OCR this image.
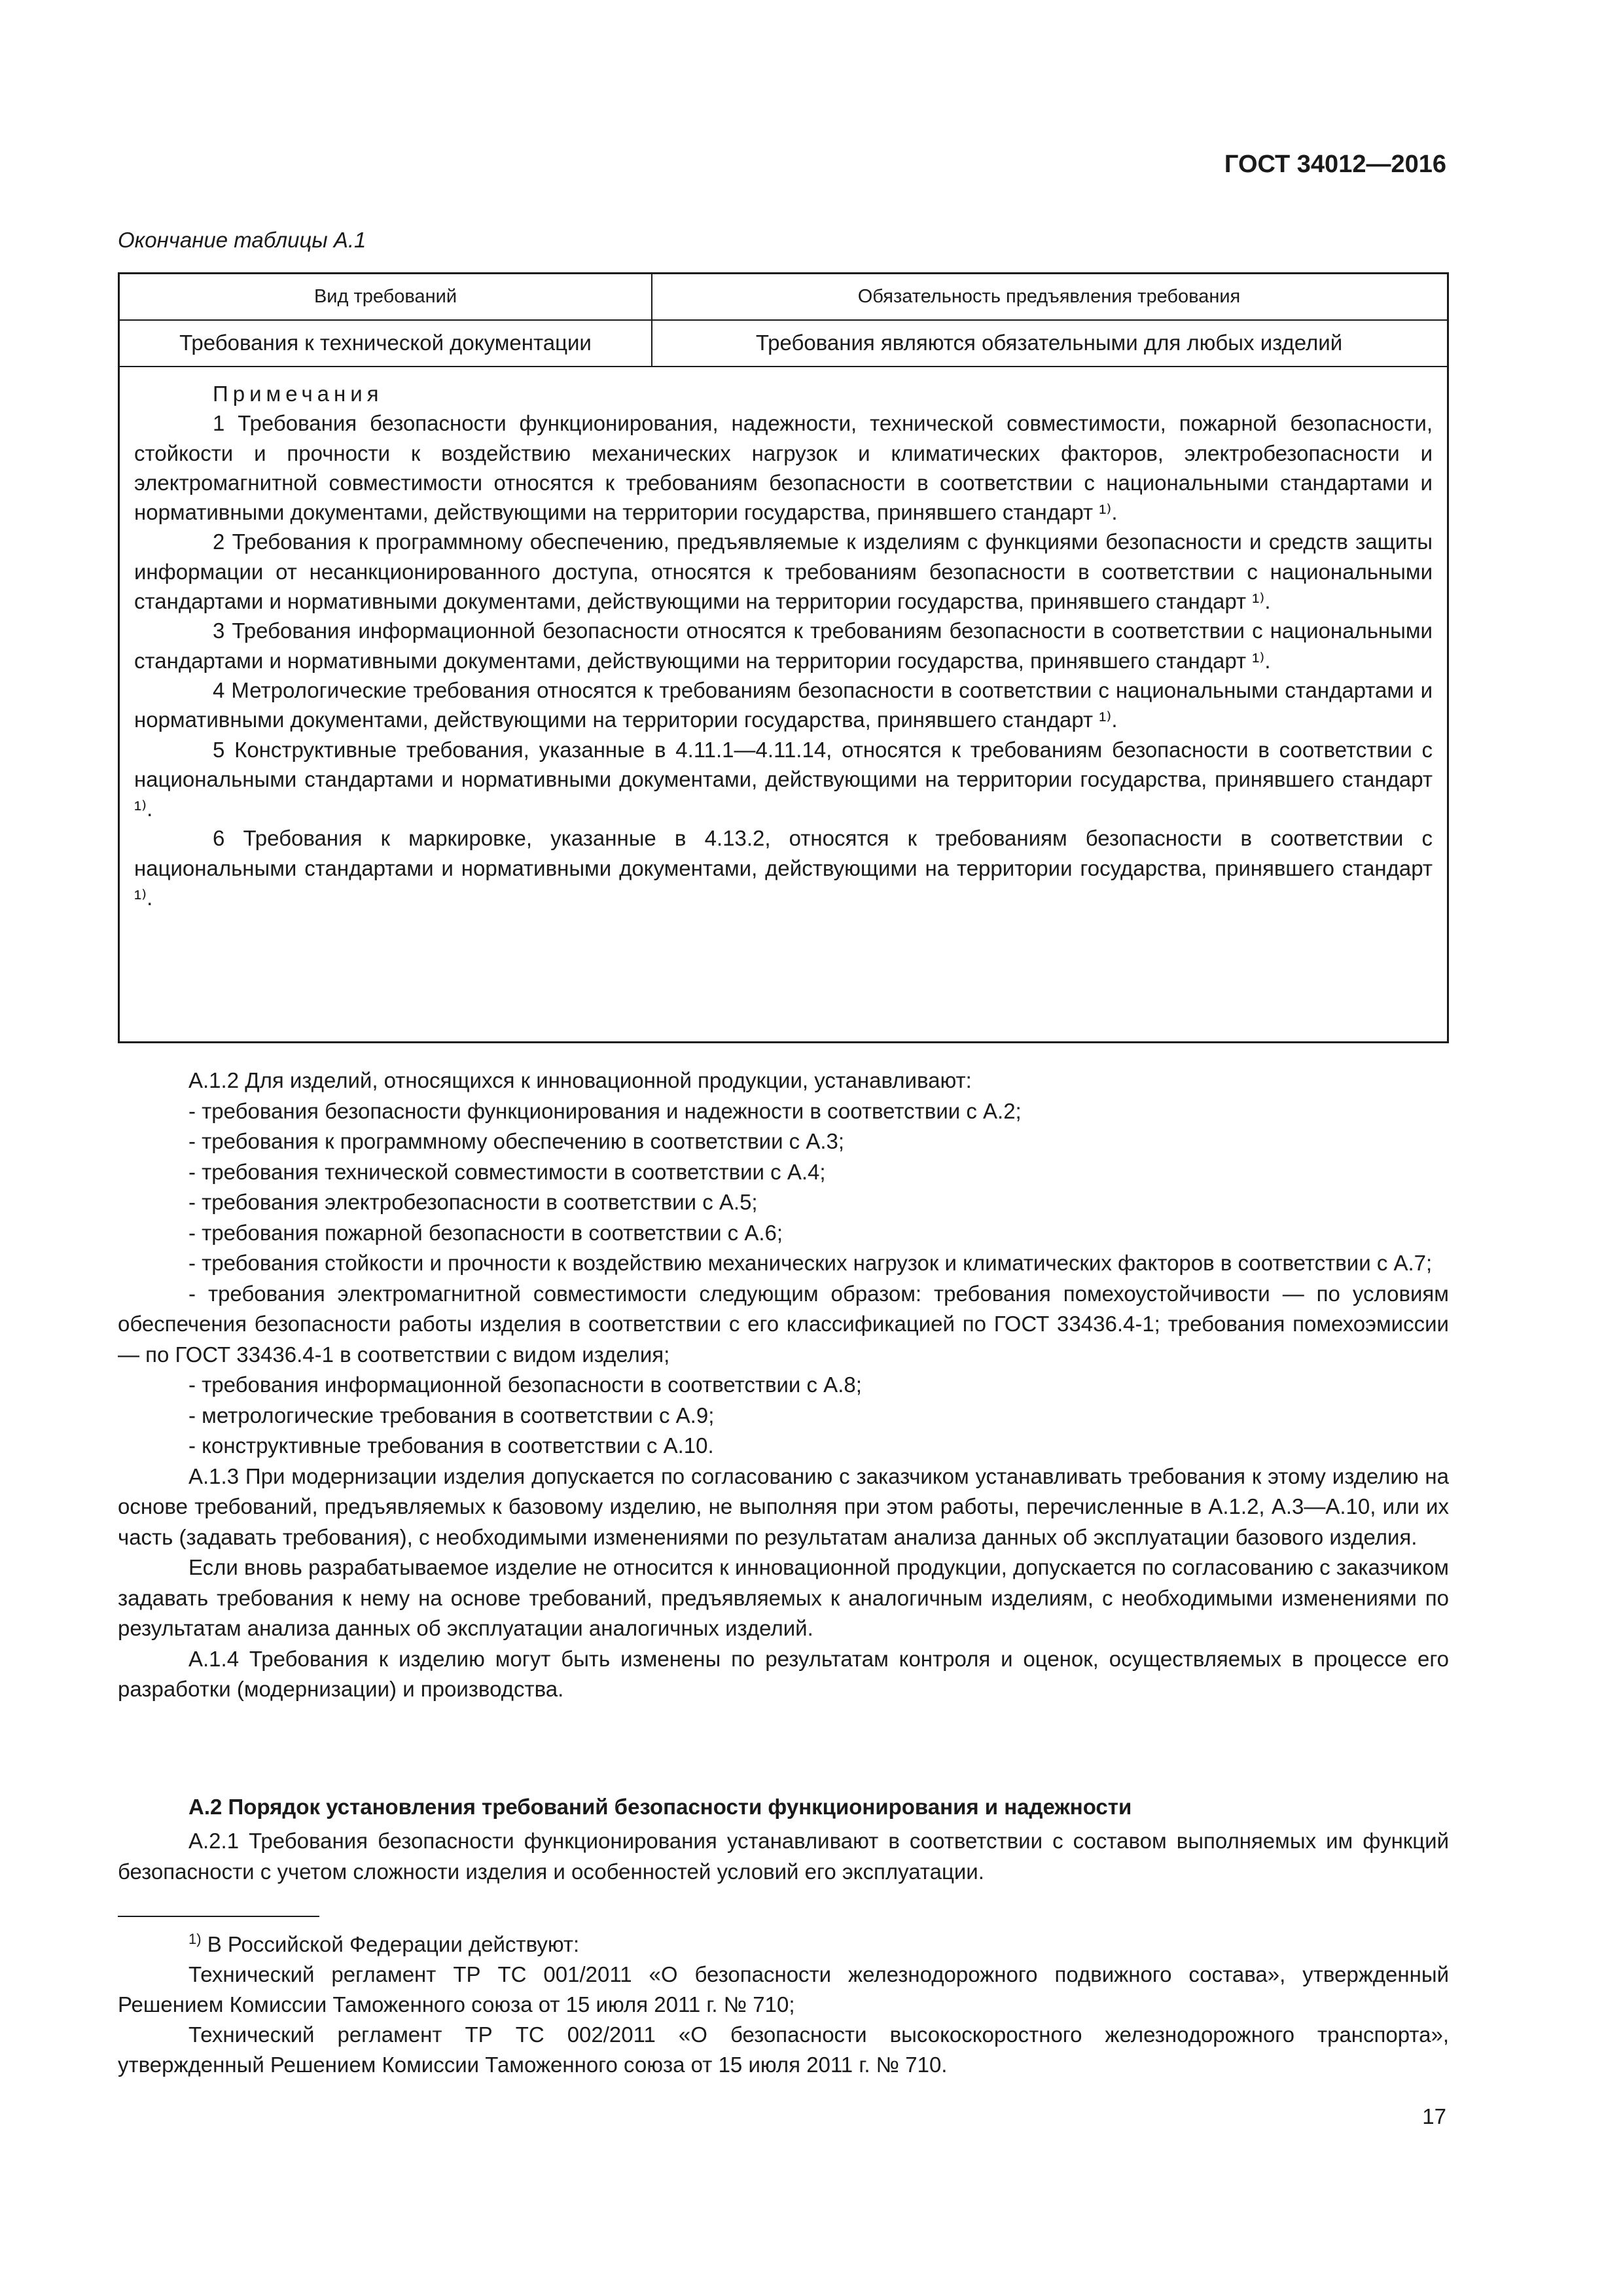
ГОСТ 34012—2016
Окончание таблицы А.1
Вид требований	Обязательность предъявления требования
Требования к технической документации	Требования являются обязательными для любых изделий
Примечания

1 Требования безопасности функционирования, надежности, технической совместимости, пожарной безопасности, стойкости и прочности к воздействию механических нагрузок и климатических факторов, электробезопасности и электромагнитной совместимости относятся к требованиям безопасности в соответствии с национальными стандартами и нормативными документами, действующими на территории государства, принявшего стандарт ¹⁾.

2 Требования к программному обеспечению, предъявляемые к изделиям с функциями безопасности и средств защиты информации от несанкционированного доступа, относятся к требованиям безопасности в соответствии с национальными стандартами и нормативными документами, действующими на территории государства, принявшего стандарт ¹⁾.

3 Требования информационной безопасности относятся к требованиям безопасности в соответствии с национальными стандартами и нормативными документами, действующими на территории государства, принявшего стандарт ¹⁾.

4 Метрологические требования относятся к требованиям безопасности в соответствии с национальными стандартами и нормативными документами, действующими на территории государства, принявшего стандарт ¹⁾.

5 Конструктивные требования, указанные в 4.11.1—4.11.14, относятся к требованиям безопасности в соответствии с национальными стандартами и нормативными документами, действующими на территории государства, принявшего стандарт ¹⁾.

6 Требования к маркировке, указанные в 4.13.2, относятся к требованиям безопасности в соответствии с национальными стандартами и нормативными документами, действующими на территории государства, принявшего стандарт ¹⁾.

А.1.2 Для изделий, относящихся к инновационной продукции, устанавливают:

- требования безопасности функционирования и надежности в соответствии с А.2;

- требования к программному обеспечению в соответствии с А.3;

- требования технической совместимости в соответствии с А.4;

- требования электробезопасности в соответствии с А.5;

- требования пожарной безопасности в соответствии с А.6;

- требования стойкости и прочности к воздействию механических нагрузок и климатических факторов в соответствии с А.7;

- требования электромагнитной совместимости следующим образом: требования помехоустойчивости — по условиям обеспечения безопасности работы изделия в соответствии с его классификацией по ГОСТ 33436.4-1; требования помехоэмиссии — по ГОСТ 33436.4-1 в соответствии с видом изделия;

- требования информационной безопасности в соответствии с А.8;

- метрологические требования в соответствии с А.9;

- конструктивные требования в соответствии с А.10.

А.1.3 При модернизации изделия допускается по согласованию с заказчиком устанавливать требования к этому изделию на основе требований, предъявляемых к базовому изделию, не выполняя при этом работы, перечисленные в А.1.2, А.3—А.10, или их часть (задавать требования), с необходимыми изменениями по результатам анализа данных об эксплуатации базового изделия.

Если вновь разрабатываемое изделие не относится к инновационной продукции, допускается по согласованию с заказчиком задавать требования к нему на основе требований, предъявляемых к аналогичным изделиям, с необходимыми изменениями по результатам анализа данных об эксплуатации аналогичных изделий.

А.1.4 Требования к изделию могут быть изменены по результатам контроля и оценок, осуществляемых в процессе его разработки (модернизации) и производства.

А.2 Порядок установления требований безопасности функционирования и надежности

А.2.1 Требования безопасности функционирования устанавливают в соответствии с составом выполняемых им функций безопасности с учетом сложности изделия и особенностей условий его эксплуатации.

$^{1)}$ В Российской Федерации действуют:

Технический регламент ТР ТС 001/2011 «О безопасности железнодорожного подвижного состава», утвержденный Решением Комиссии Таможенного союза от 15 июля 2011 г. № 710;

Технический регламент ТР ТС 002/2011 «О безопасности высокоскоростного железнодорожного транспорта», утвержденный Решением Комиссии Таможенного союза от 15 июля 2011 г. № 710.

17
